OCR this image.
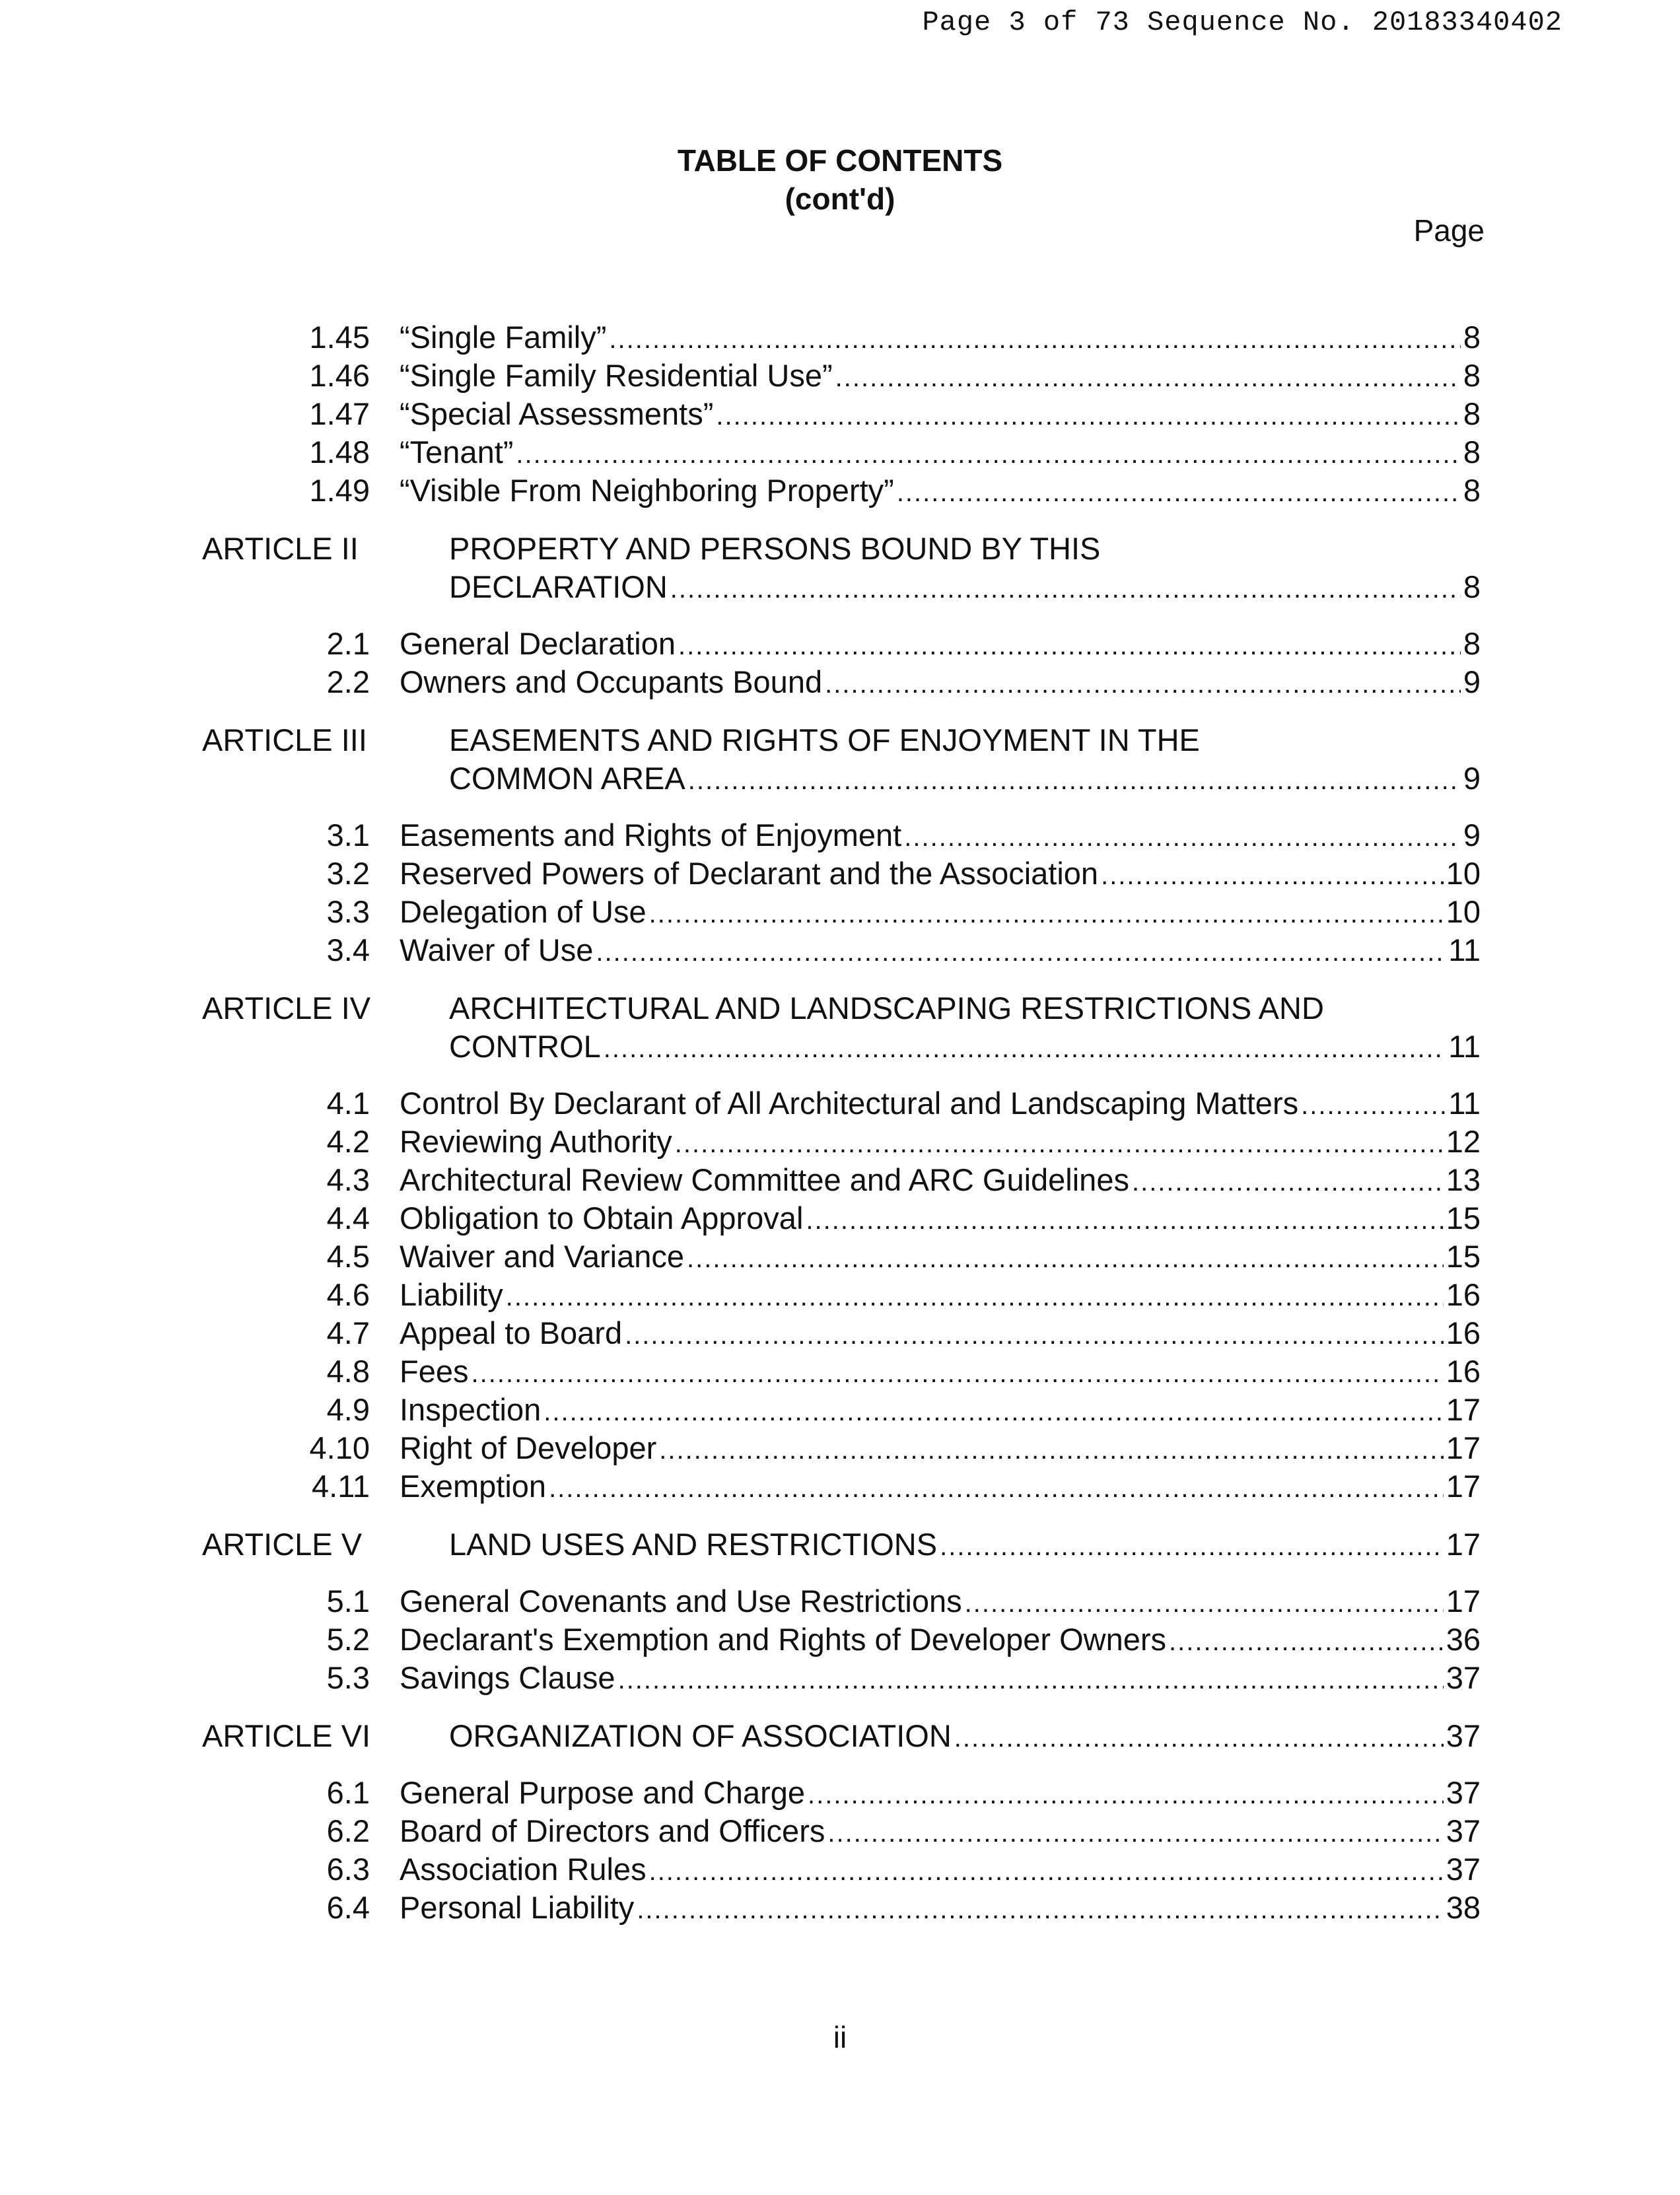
Page 3 of 73 Sequence No. 20183340402
TABLE OF CONTENTS
(cont'd)
Page
1.45 “Single Family” .....	8
1.46 “Single Family Residential Use” .....	8
1.47 “Special Assessments” .....	8
1.48 “Tenant” .....	8
1.49 “Visible From Neighboring Property” .....	8
ARTICLE II	PROPERTY AND PERSONS BOUND BY THIS
DECLARATION .....	8
2.1 General Declaration .....	8
2.2 Owners and Occupants Bound .....	9
ARTICLE III	EASEMENTS AND RIGHTS OF ENJOYMENT IN THE
COMMON AREA .....	9
3.1 Easements and Rights of Enjoyment .....	9
3.2 Reserved Powers of Declarant and the Association .....	10
3.3 Delegation of Use .....	10
3.4 Waiver of Use .....	11
ARTICLE IV	ARCHITECTURAL AND LANDSCAPING RESTRICTIONS AND
CONTROL .....	11
4.1 Control By Declarant of All Architectural and Landscaping Matters .....	11
4.2 Reviewing Authority .....	12
4.3 Architectural Review Committee and ARC Guidelines .....	13
4.4 Obligation to Obtain Approval .....	15
4.5 Waiver and Variance .....	15
4.6 Liability .....	16
4.7 Appeal to Board .....	16
4.8 Fees .....	16
4.9 Inspection .....	17
4.10 Right of Developer .....	17
4.11 Exemption .....	17
ARTICLE V	LAND USES AND RESTRICTIONS .....	17
5.1 General Covenants and Use Restrictions .....	17
5.2 Declarant's Exemption and Rights of Developer Owners .....	36
5.3 Savings Clause .....	37
ARTICLE VI	ORGANIZATION OF ASSOCIATION .....	37
6.1 General Purpose and Charge .....	37
6.2 Board of Directors and Officers .....	37
6.3 Association Rules .....	37
6.4 Personal Liability .....	38
ii
